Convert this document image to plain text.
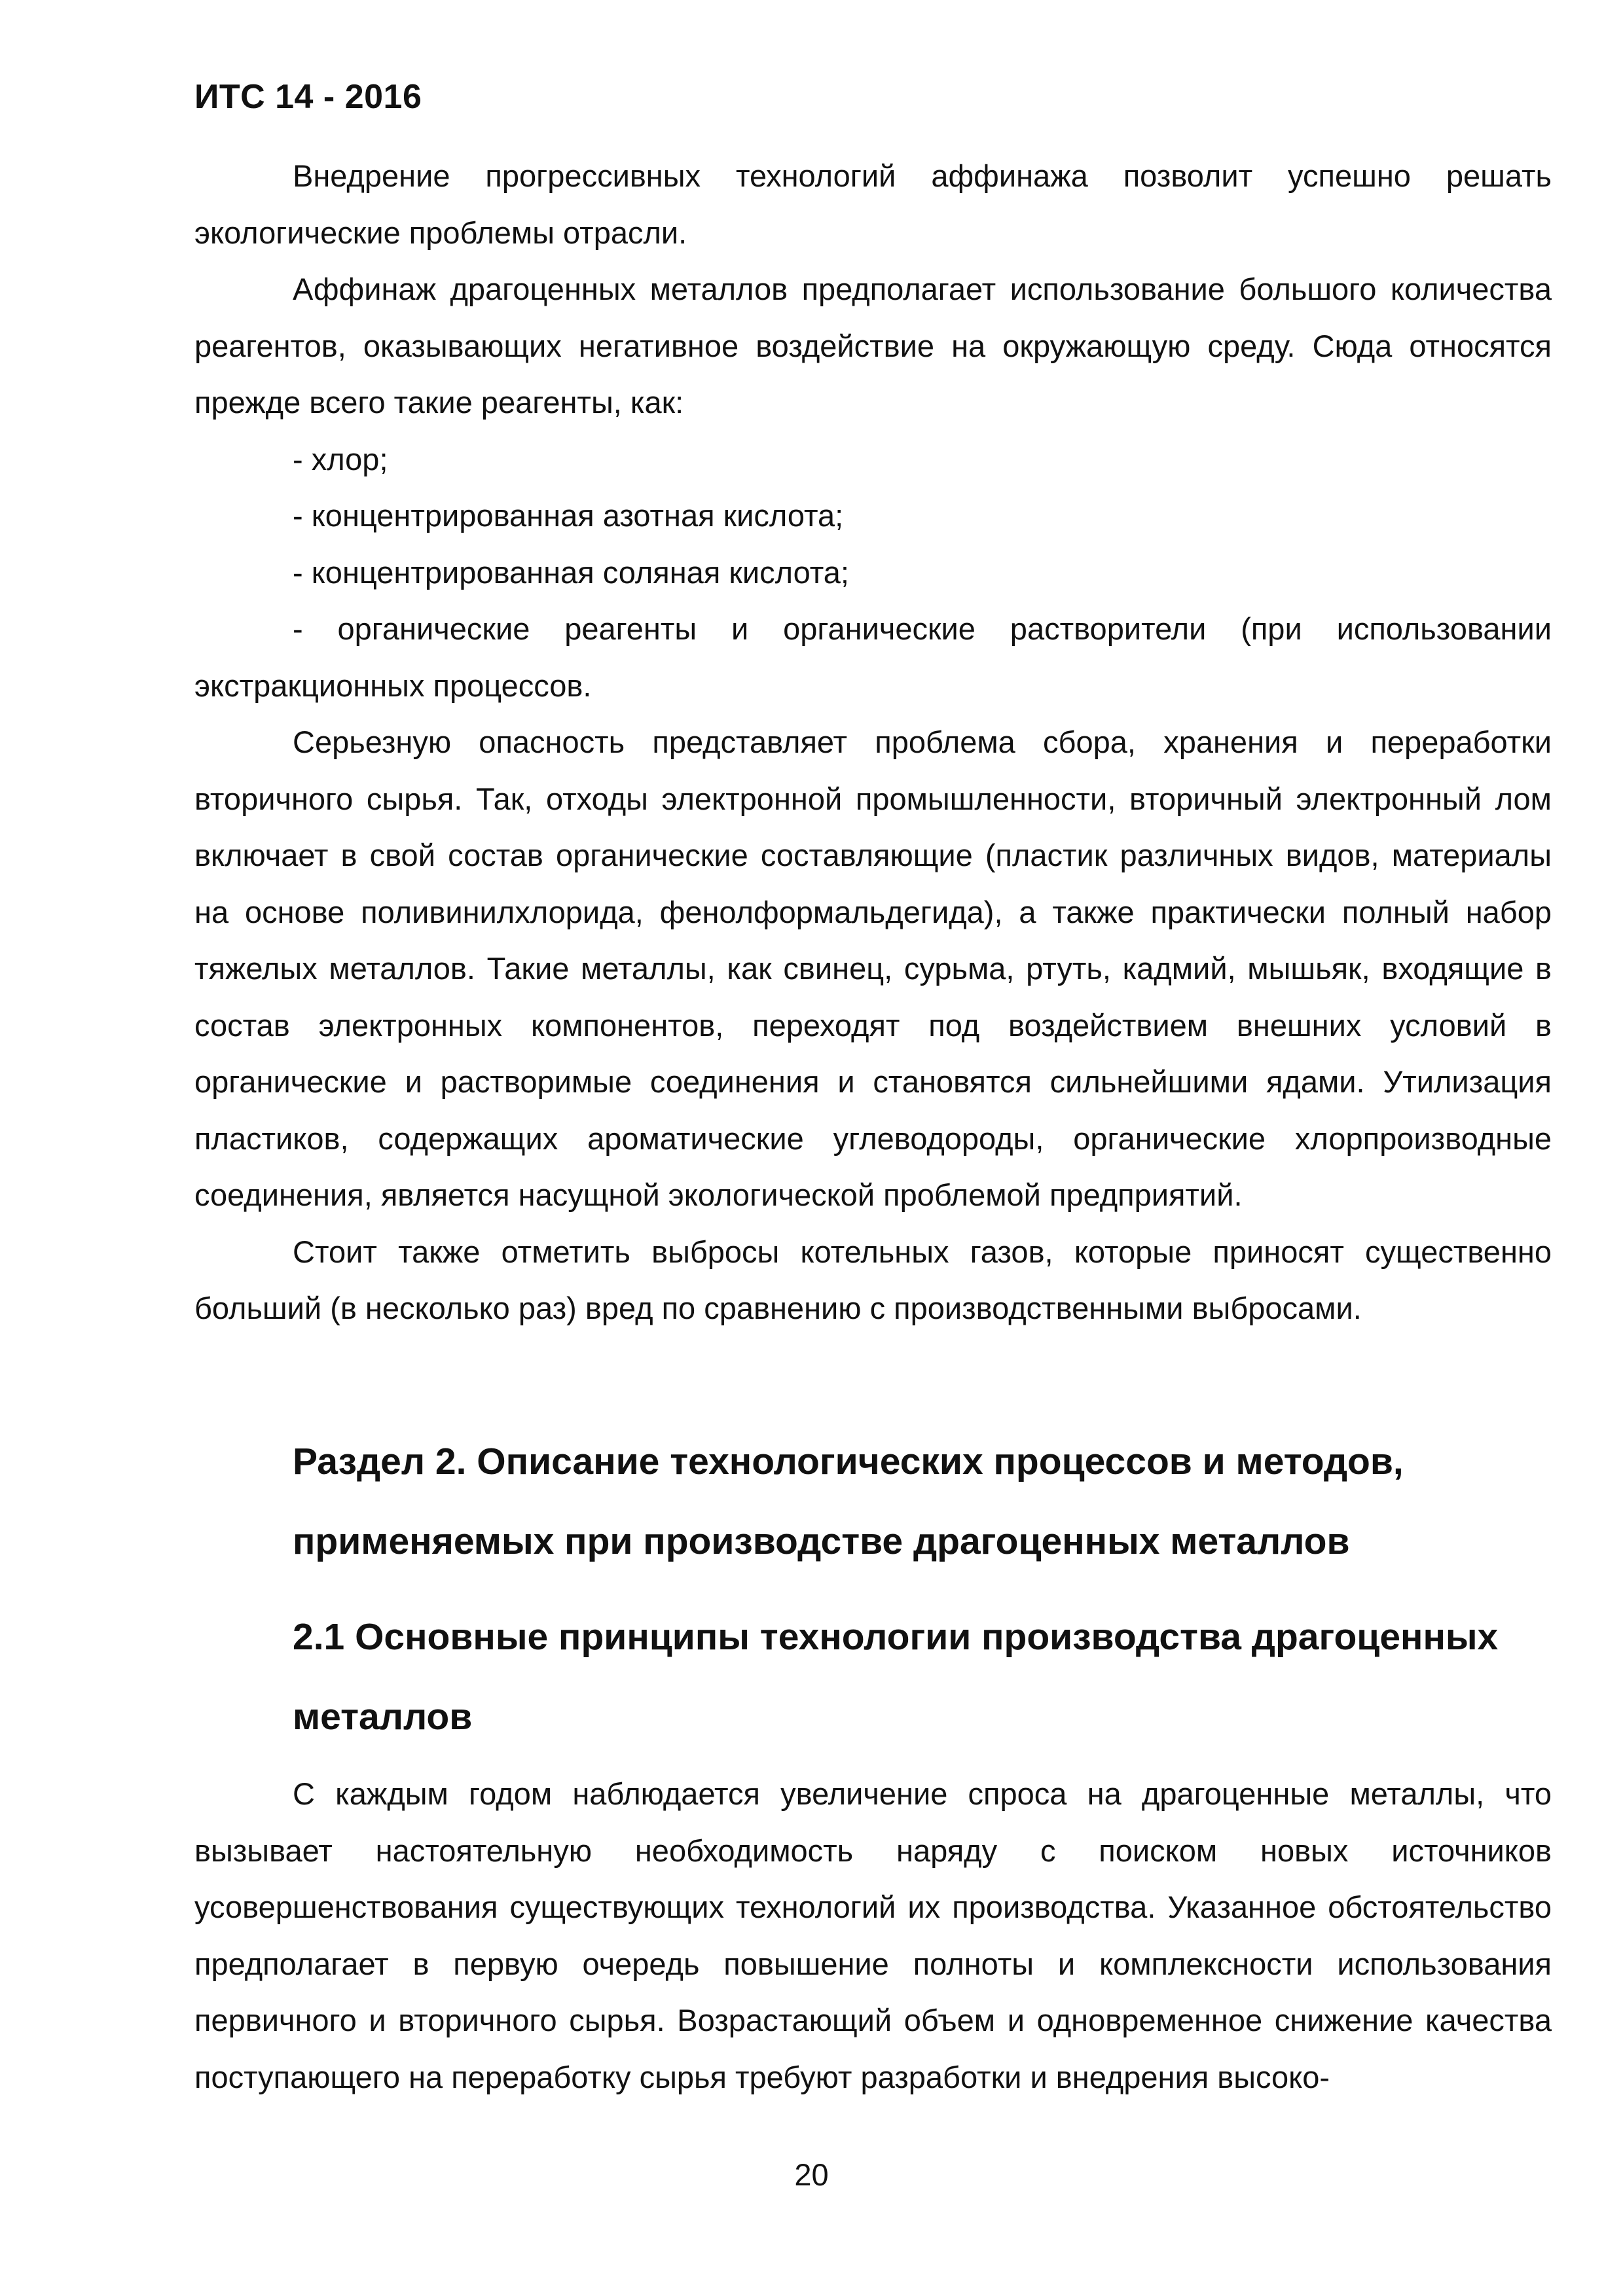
ИТС 14 - 2016

Внедрение прогрессивных технологий аффинажа позволит успешно решать экологические проблемы отрасли.

Аффинаж драгоценных металлов предполагает использование большого количества реагентов, оказывающих негативное воздействие на окружающую среду. Сюда относятся прежде всего такие реагенты, как:

- хлор;

- концентрированная азотная кислота;

- концентрированная соляная кислота;

- органические реагенты и органические растворители (при использовании экстракционных процессов.

Серьезную опасность представляет проблема сбора, хранения и переработки вторичного сырья. Так, отходы электронной промышленности, вторичный электронный лом включает в свой состав органические составляющие (пластик различных видов, материалы на основе поливинилхлорида, фенолформальдегида), а также практически полный набор тяжелых металлов. Такие металлы, как свинец, сурьма, ртуть, кадмий, мышьяк, входящие в состав электронных компонентов, переходят под воздействием внешних условий в органические и растворимые соединения и становятся сильнейшими ядами. Утилизация пластиков, содержащих ароматические углеводороды, органические хлорпроизводные соединения, является насущной экологической проблемой предприятий.

Стоит также отметить выбросы котельных газов, которые приносят существенно больший (в несколько раз) вред по сравнению с производственными выбросами.

Раздел 2. Описание технологических процессов и методов, применяемых при производстве драгоценных металлов
2.1 Основные принципы технологии производства драгоценных металлов

С каждым годом наблюдается увеличение спроса на драгоценные металлы, что вызывает настоятельную необходимость наряду с поиском новых источников усовершенствования существующих технологий их производства. Указанное обстоятельство предполагает в первую очередь повышение полноты и комплексности использования первичного и вторичного сырья. Возрастающий объем и одновременное снижение качества поступающего на переработку сырья требуют разработки и внедрения высоко-

20
